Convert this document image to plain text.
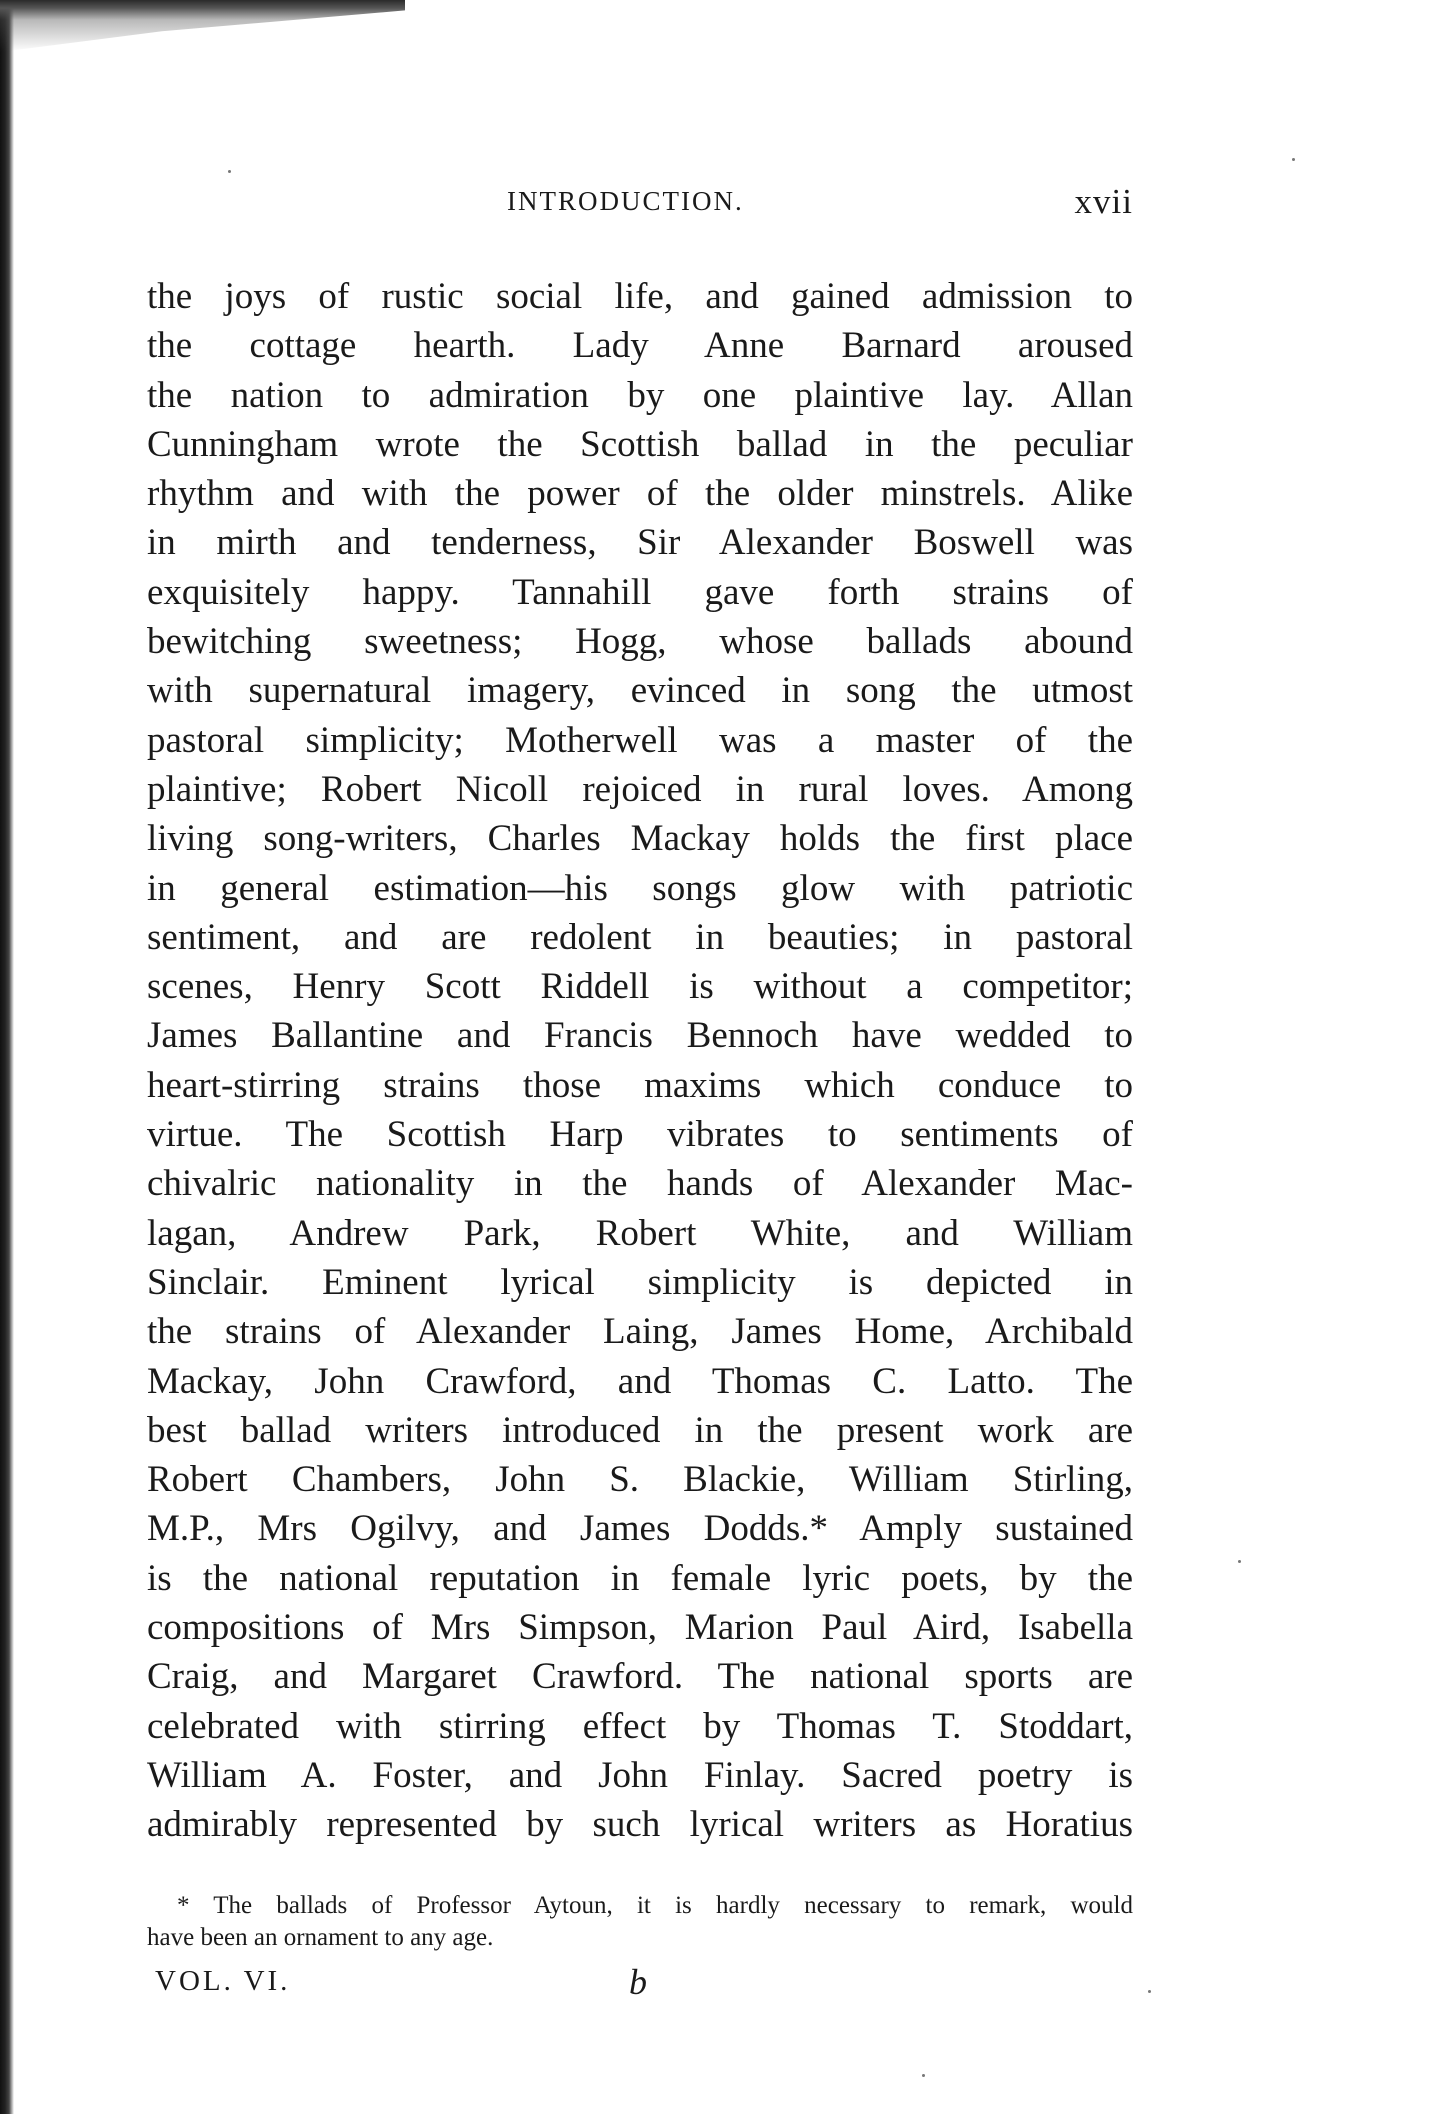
INTRODUCTION.	xvii
the joys of rustic social life, and gained admission to
the cottage hearth. Lady Anne Barnard aroused
the nation to admiration by one plaintive lay. Allan
Cunningham wrote the Scottish ballad in the peculiar
rhythm and with the power of the older minstrels. Alike
in mirth and tenderness, Sir Alexander Boswell was
exquisitely happy. Tannahill gave forth strains of
bewitching sweetness; Hogg, whose ballads abound
with supernatural imagery, evinced in song the utmost
pastoral simplicity; Motherwell was a master of the
plaintive; Robert Nicoll rejoiced in rural loves. Among
living song-writers, Charles Mackay holds the first place
in general estimation—his songs glow with patriotic
sentiment, and are redolent in beauties; in pastoral
scenes, Henry Scott Riddell is without a competitor;
James Ballantine and Francis Bennoch have wedded to
heart-stirring strains those maxims which conduce to
virtue. The Scottish Harp vibrates to sentiments of
chivalric nationality in the hands of Alexander Mac-
lagan, Andrew Park, Robert White, and William
Sinclair. Eminent lyrical simplicity is depicted in
the strains of Alexander Laing, James Home, Archibald
Mackay, John Crawford, and Thomas C. Latto. The
best ballad writers introduced in the present work are
Robert Chambers, John S. Blackie, William Stirling,
M.P., Mrs Ogilvy, and James Dodds.* Amply sustained
is the national reputation in female lyric poets, by the
compositions of Mrs Simpson, Marion Paul Aird, Isabella
Craig, and Margaret Crawford. The national sports are
celebrated with stirring effect by Thomas T. Stoddart,
William A. Foster, and John Finlay. Sacred poetry is
admirably represented by such lyrical writers as Horatius
* The ballads of Professor Aytoun, it is hardly necessary to remark, would
have been an ornament to any age.
VOL. VI.	b
